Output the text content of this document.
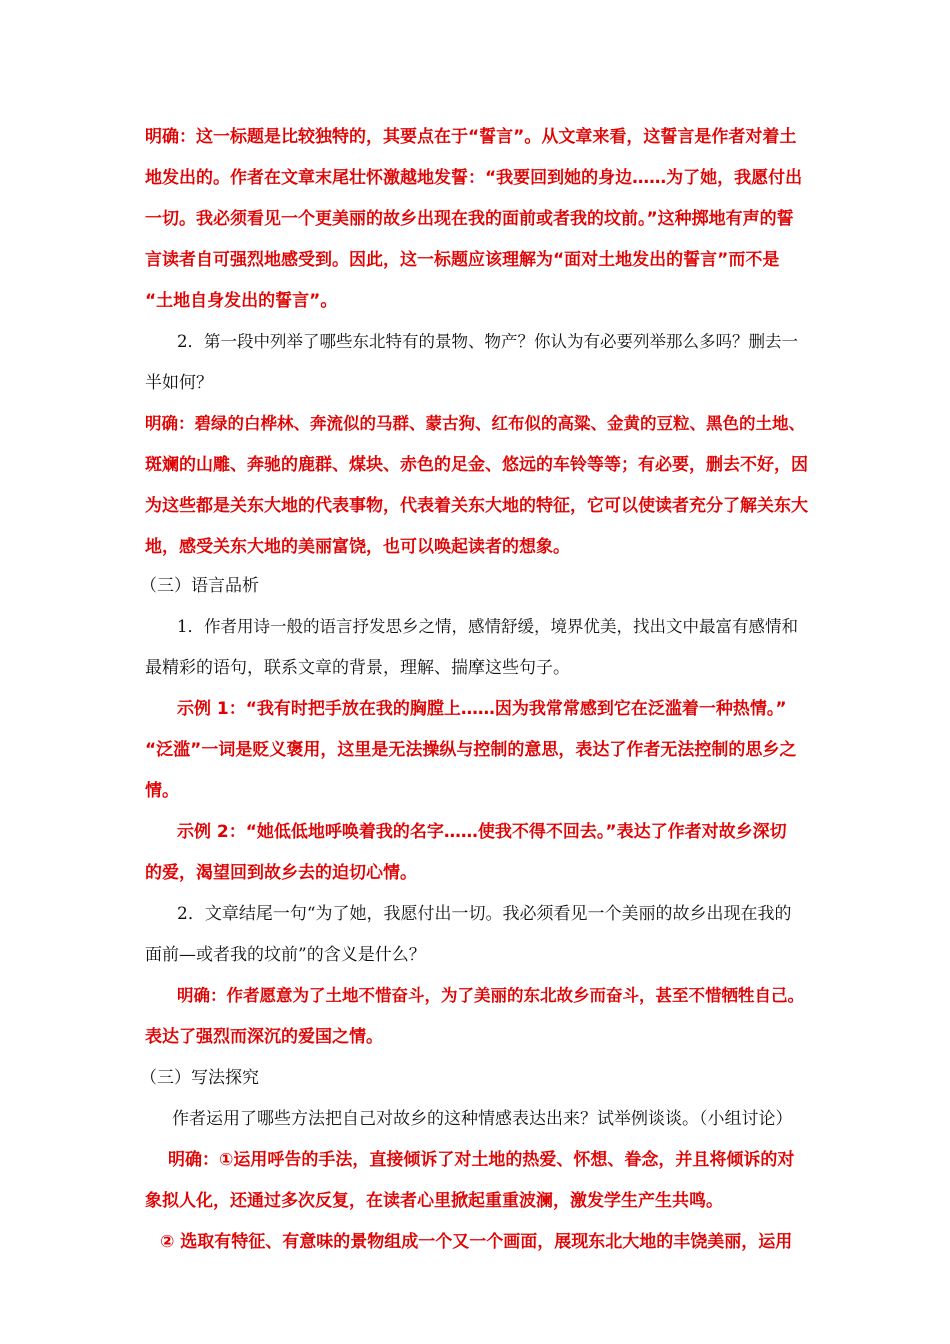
明确：这一标题是比较独特的，其要点在于“誓言”。从文章来看，这誓言是作者对着土
地发出的。作者在文章末尾壮怀激越地发誓：“我要回到她的身边……为了她，我愿付出
一切。我必须看见一个更美丽的故乡出现在我的面前或者我的坟前。”这种掷地有声的誓
言读者自可强烈地感受到。因此，这一标题应该理解为“面对土地发出的誓言”而不是
“土地自身发出的誓言”。
2．第一段中列举了哪些东北特有的景物、物产？你认为有必要列举那么多吗？删去一
半如何？
明确：碧绿的白桦林、奔流似的马群、蒙古狗、红布似的高粱、金黄的豆粒、黑色的土地、
斑斓的山雕、奔驰的鹿群、煤块、赤色的足金、悠远的车铃等等；有必要，删去不好，因
为这些都是关东大地的代表事物，代表着关东大地的特征，它可以使读者充分了解关东大
地，感受关东大地的美丽富饶，也可以唤起读者的想象。
（三）语言品析
1．作者用诗一般的语言抒发思乡之情，感情舒缓，境界优美，找出文中最富有感情和
最精彩的语句，联系文章的背景，理解、揣摩这些句子。
示例 1：“我有时把手放在我的胸膛上……因为我常常感到它在泛滥着一种热情。”
“泛滥”一词是贬义褒用，这里是无法操纵与控制的意思，表达了作者无法控制的思乡之
情。
示例 2：“她低低地呼唤着我的名字……使我不得不回去。”表达了作者对故乡深切
的爱，渴望回到故乡去的迫切心情。
2．文章结尾一句“为了她，我愿付出一切。我必须看见一个美丽的故乡出现在我的
面前—或者我的坟前”的含义是什么？
明确：作者愿意为了土地不惜奋斗，为了美丽的东北故乡而奋斗，甚至不惜牺牲自己。
表达了强烈而深沉的爱国之情。
（三）写法探究
作者运用了哪些方法把自己对故乡的这种情感表达出来？试举例谈谈。（小组讨论）
明确：①运用呼告的手法，直接倾诉了对土地的热爱、怀想、眷念，并且将倾诉的对
象拟人化，还通过多次反复，在读者心里掀起重重波澜，激发学生产生共鸣。
② 选取有特征、有意味的景物组成一个又一个画面，展现东北大地的丰饶美丽，运用
